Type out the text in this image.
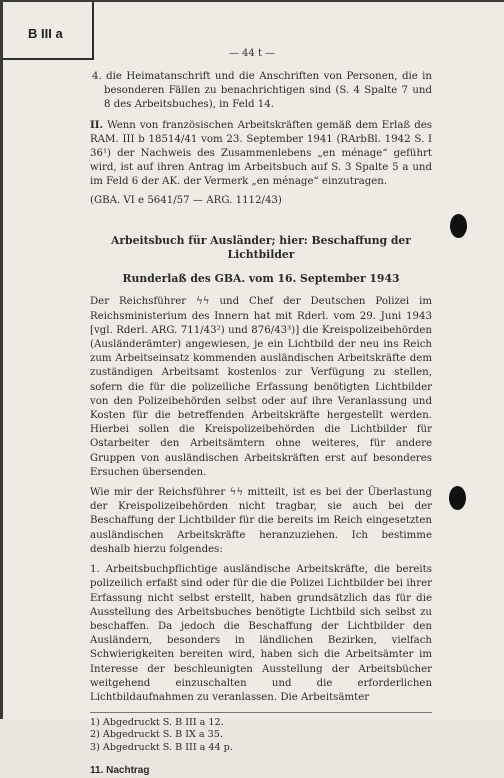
B III a
— 44 t —

4. die Heimatanschrift und die Anschriften von Personen, die in besonderen Fällen zu benachrichtigen sind (S. 4 Spalte 7 und 8 des Arbeitsbuches), in Feld 14.

II. Wenn von französischen Arbeitskräften gemäß dem Erlaß des RAM. III b 18514/41 vom 23. September 1941 (RArbBl. 1942 S. I 36¹) der Nachweis des Zusammenlebens „en ménage“ geführt wird, ist auf ihren Antrag im Arbeitsbuch auf S. 3 Spalte 5 a und im Feld 6 der AK. der Vermerk „en ménage“ einzutragen.

(GBA. VI e 5641/57 — ARG. 1112/43)

Arbeitsbuch für Ausländer; hier: Beschaffung der Lichtbilder
Runderlaß des GBA. vom 16. September 1943

Der Reichsführer ϟϟ und Chef der Deutschen Polizei im Reichsministerium des Innern hat mit Rderl. vom 29. Juni 1943 [vgl. Rderl. ARG. 711/43²) und 876/43³)] die Kreispolizeibehörden (Ausländerämter) angewiesen, je ein Lichtbild der neu ins Reich zum Arbeitseinsatz kommenden ausländischen Arbeitskräfte dem zuständigen Arbeitsamt kostenlos zur Verfügung zu stellen, sofern die für die polizeiliche Erfassung benötigten Lichtbilder von den Polizeibehörden selbst oder auf ihre Veranlassung und Kosten für die betreffenden Arbeitskräfte hergestellt werden. Hierbei sollen die Kreispolizeibehörden die Lichtbilder für Ostarbeiter den Arbeitsämtern ohne weiteres, für andere Gruppen von ausländischen Arbeitskräften erst auf besonderes Ersuchen übersenden.

Wie mir der Reichsführer ϟϟ mitteilt, ist es bei der Überlastung der Kreispolizeibehörden nicht tragbar, sie auch bei der Beschaffung der Lichtbilder für die bereits im Reich eingesetzten ausländischen Arbeitskräfte heranzuziehen. Ich bestimme deshalb hierzu folgendes:

1. Arbeitsbuchpflichtige ausländische Arbeitskräfte, die bereits polizeilich erfaßt sind oder für die die Polizei Lichtbilder bei ihrer Erfassung nicht selbst erstellt, haben grundsätzlich das für die Ausstellung des Arbeitsbuches benötigte Lichtbild sich selbst zu beschaffen. Da jedoch die Beschaffung der Lichtbilder den Ausländern, besonders in ländlichen Bezirken, vielfach Schwierigkeiten bereiten wird, haben sich die Arbeitsämter im Interesse der beschleunigten Ausstellung der Arbeitsbücher weitgehend einzuschalten und die erforderlichen Lichtbildaufnahmen zu veranlassen. Die Arbeitsämter

1) Abgedruckt S. B III a 12.
2) Abgedruckt S. B IX a 35.
3) Abgedruckt S. B III a 44 p.
11. Nachtrag
